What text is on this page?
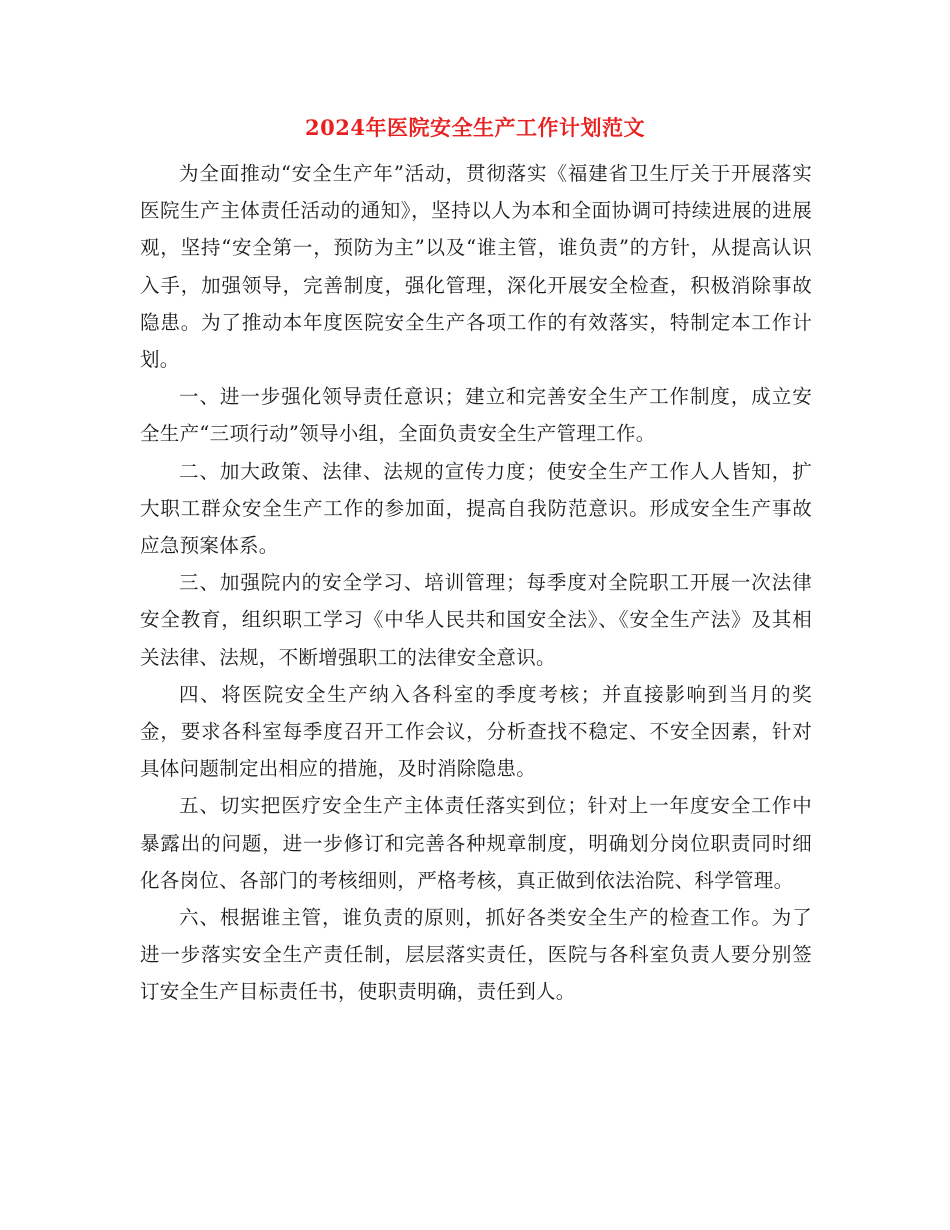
2024年医院安全生产工作计划范文

为全面推动“安全生产年”活动，贯彻落实《福建省卫生厅关于开展落实医院生产主体责任活动的通知》，坚持以人为本和全面协调可持续进展的进展观，坚持“安全第一，预防为主”以及“谁主管，谁负责”的方针，从提高认识入手，加强领导，完善制度，强化管理，深化开展安全检查，积极消除事故隐患。为了推动本年度医院安全生产各项工作的有效落实，特制定本工作计划。

一、进一步强化领导责任意识；建立和完善安全生产工作制度，成立安全生产“三项行动”领导小组，全面负责安全生产管理工作。

二、加大政策、法律、法规的宣传力度；使安全生产工作人人皆知，扩大职工群众安全生产工作的参加面，提高自我防范意识。形成安全生产事故应急预案体系。

三、加强院内的安全学习、培训管理；每季度对全院职工开展一次法律安全教育，组织职工学习《中华人民共和国安全法》、《安全生产法》及其相关法律、法规，不断增强职工的法律安全意识。

四、将医院安全生产纳入各科室的季度考核；并直接影响到当月的奖金，要求各科室每季度召开工作会议，分析查找不稳定、不安全因素，针对具体问题制定出相应的措施，及时消除隐患。

五、切实把医疗安全生产主体责任落实到位；针对上一年度安全工作中暴露出的问题，进一步修订和完善各种规章制度，明确划分岗位职责同时细化各岗位、各部门的考核细则，严格考核，真正做到依法治院、科学管理。

六、根据谁主管，谁负责的原则，抓好各类安全生产的检查工作。为了进一步落实安全生产责任制，层层落实责任，医院与各科室负责人要分别签订安全生产目标责任书，使职责明确，责任到人。
